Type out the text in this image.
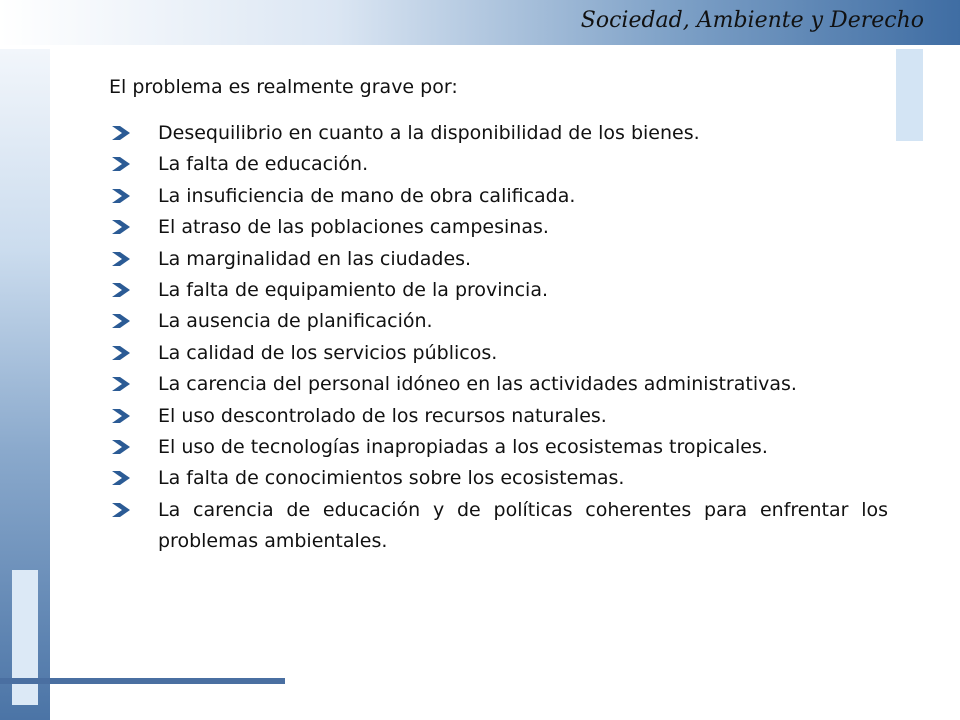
Sociedad, Ambiente y Derecho
El problema es realmente grave por:
Desequilibrio en cuanto a la disponibilidad de los bienes.
La falta de educación.
La insuficiencia de mano de obra calificada.
El atraso de las poblaciones campesinas.
La marginalidad en las ciudades.
La falta de equipamiento de la provincia.
La ausencia de planificación.
La calidad de los servicios públicos.
La carencia del personal idóneo en las actividades administrativas.
El uso descontrolado de los recursos naturales.
El uso de tecnologías inapropiadas a los ecosistemas tropicales.
La falta de conocimientos sobre los ecosistemas.
La carencia de educación y de políticas coherentes para enfrentar los problemas ambientales.
